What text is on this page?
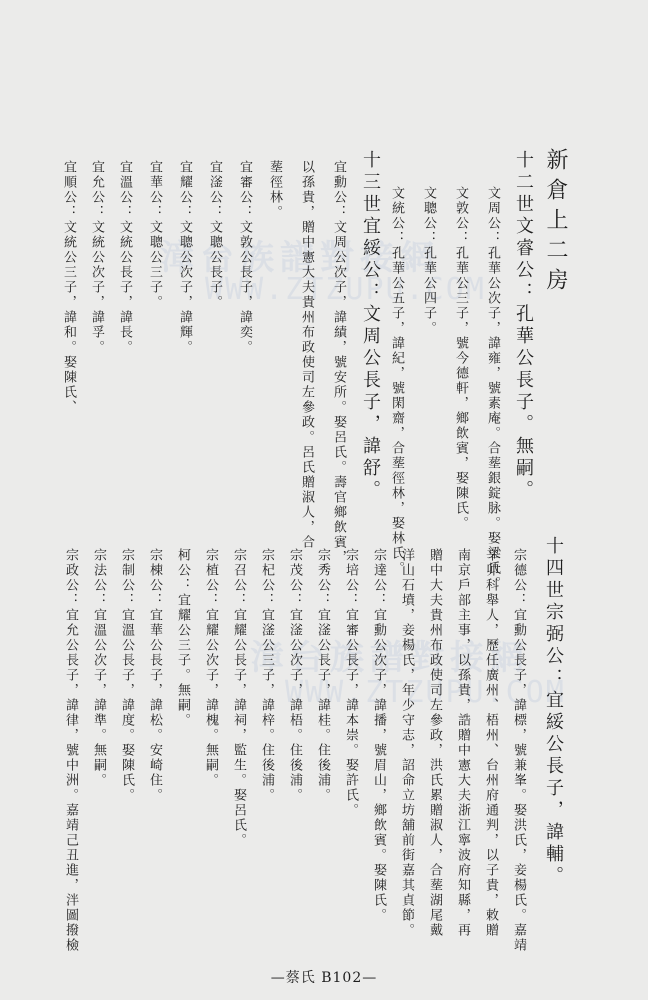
漳台族譜對接網
WWW.ZTZUPU.COM
漳台族譜對接網
WWW.ZTZUPU.COM
新倉上二房
十二世文睿公：孔華公長子。無嗣。
文周公：孔華公次子，諱雍，號素庵。合塟銀錠脉。娶梁氏。
文敦公：孔華公三子，號今德軒，鄉飲賓，娶陳氏。
文聰公：孔華公四子。
文統公：孔華公五子，諱紀，號閑齋，合塟徑林，娶林氏。
十三世宜綏公：文周公長子，諱舒。
宜勳公：文周公次子，諱績，號安所。娶呂氏。壽官鄉飲賓，
以孫貴，贈中憲大夫貴州布政使司左參政。呂氏贈淑人，合
塟徑林。
宜審公：文敦公長子，諱奕。
宜滏公：文聰公長子。
宜耀公：文聰公次子，諱輝。
宜華公：文聰公三子。
宜溫公：文統公長子，諱長。
宜允公：文統公次子，諱孚。
宜順公：文統公三子，諱和。娶陳氏、
十四世宗弼公：宜綏公長子，諱輔。
宗德公：宜勳公長子，諱標，號兼峯。娶洪氏，妾楊氏。嘉靖
辛卯科舉人，歷任廣州、梧州、台州府通判，以子貴，敕贈
南京戶部主事，以孫貴，誥贈中憲大夫浙江寧波府知縣，再
贈中大夫貴州布政使司左參政，洪氏累贈淑人，合塟湖尾戴
洋山石墳，妾楊氏，年少守志，詔命立坊舖前街嘉其貞節。
宗達公：宜勳公次子，諱播，號眉山，鄉飲賓。娶陳氏。
宗培公：宜審公長子，諱本崇。娶許氏。
宗秀公：宜滏公長子，諱桂。住後浦。
宗茂公：宜滏公次子，諱梧。住後浦。
宗杞公：宜滏公三子，諱梓。住後浦。
宗召公：宜耀公長子，諱祠，監生。娶呂氏。
宗植公：宜耀公次子，諱槐。無嗣。
柯公：宜耀公三子。無嗣。
宗棟公：宜華公長子，諱松。安崎住。
宗制公：宜溫公長子，諱度。娶陳氏。
宗法公：宜溫公次子，諱準。無嗣。
宗政公：宜允公長子，諱律，號中洲。嘉靖己丑進，泮圖撥檢
—蔡氏 B102—
